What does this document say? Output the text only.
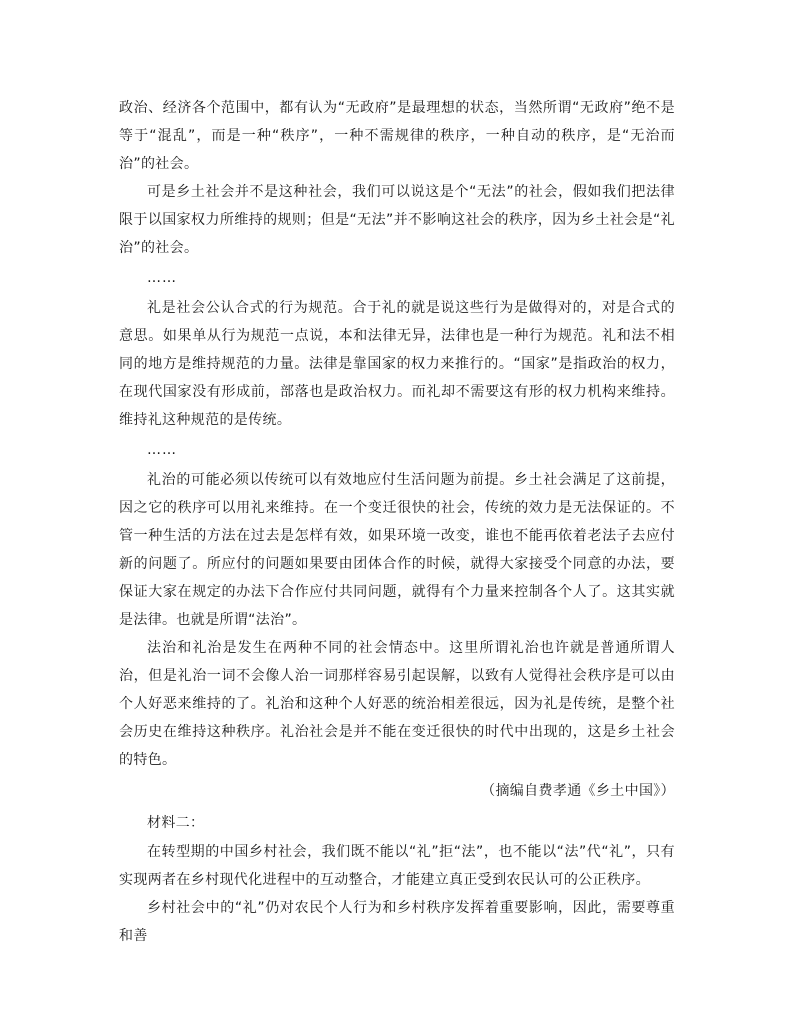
政治、经济各个范围中，都有认为“无政府”是最理想的状态，当然所谓“无政府”绝不是等于“混乱”，而是一种“秩序”，一种不需规律的秩序，一种自动的秩序，是“无治而治”的社会。

可是乡土社会并不是这种社会，我们可以说这是个“无法”的社会，假如我们把法律限于以国家权力所维持的规则；但是“无法”并不影响这社会的秩序，因为乡土社会是“礼治”的社会。

……

礼是社会公认合式的行为规范。合于礼的就是说这些行为是做得对的，对是合式的意思。如果单从行为规范一点说，本和法律无异，法律也是一种行为规范。礼和法不相同的地方是维持规范的力量。法律是靠国家的权力来推行的。“国家”是指政治的权力，在现代国家没有形成前，部落也是政治权力。而礼却不需要这有形的权力机构来维持。维持礼这种规范的是传统。

……

礼治的可能必须以传统可以有效地应付生活问题为前提。乡土社会满足了这前提，因之它的秩序可以用礼来维持。在一个变迁很快的社会，传统的效力是无法保证的。不管一种生活的方法在过去是怎样有效，如果环境一改变，谁也不能再依着老法子去应付新的问题了。所应付的问题如果要由团体合作的时候，就得大家接受个同意的办法，要保证大家在规定的办法下合作应付共同问题，就得有个力量来控制各个人了。这其实就是法律。也就是所谓“法治”。

法治和礼治是发生在两种不同的社会情态中。这里所谓礼治也许就是普通所谓人治，但是礼治一词不会像人治一词那样容易引起误解，以致有人觉得社会秩序是可以由个人好恶来维持的了。礼治和这种个人好恶的统治相差很远，因为礼是传统，是整个社会历史在维持这种秩序。礼治社会是并不能在变迁很快的时代中出现的，这是乡土社会的特色。

（摘编自费孝通《乡土中国》）

材料二：

在转型期的中国乡村社会，我们既不能以“礼”拒“法”，也不能以“法”代“礼”，只有实现两者在乡村现代化进程中的互动整合，才能建立真正受到农民认可的公正秩序。

乡村社会中的“礼”仍对农民个人行为和乡村秩序发挥着重要影响，因此，需要尊重和善
